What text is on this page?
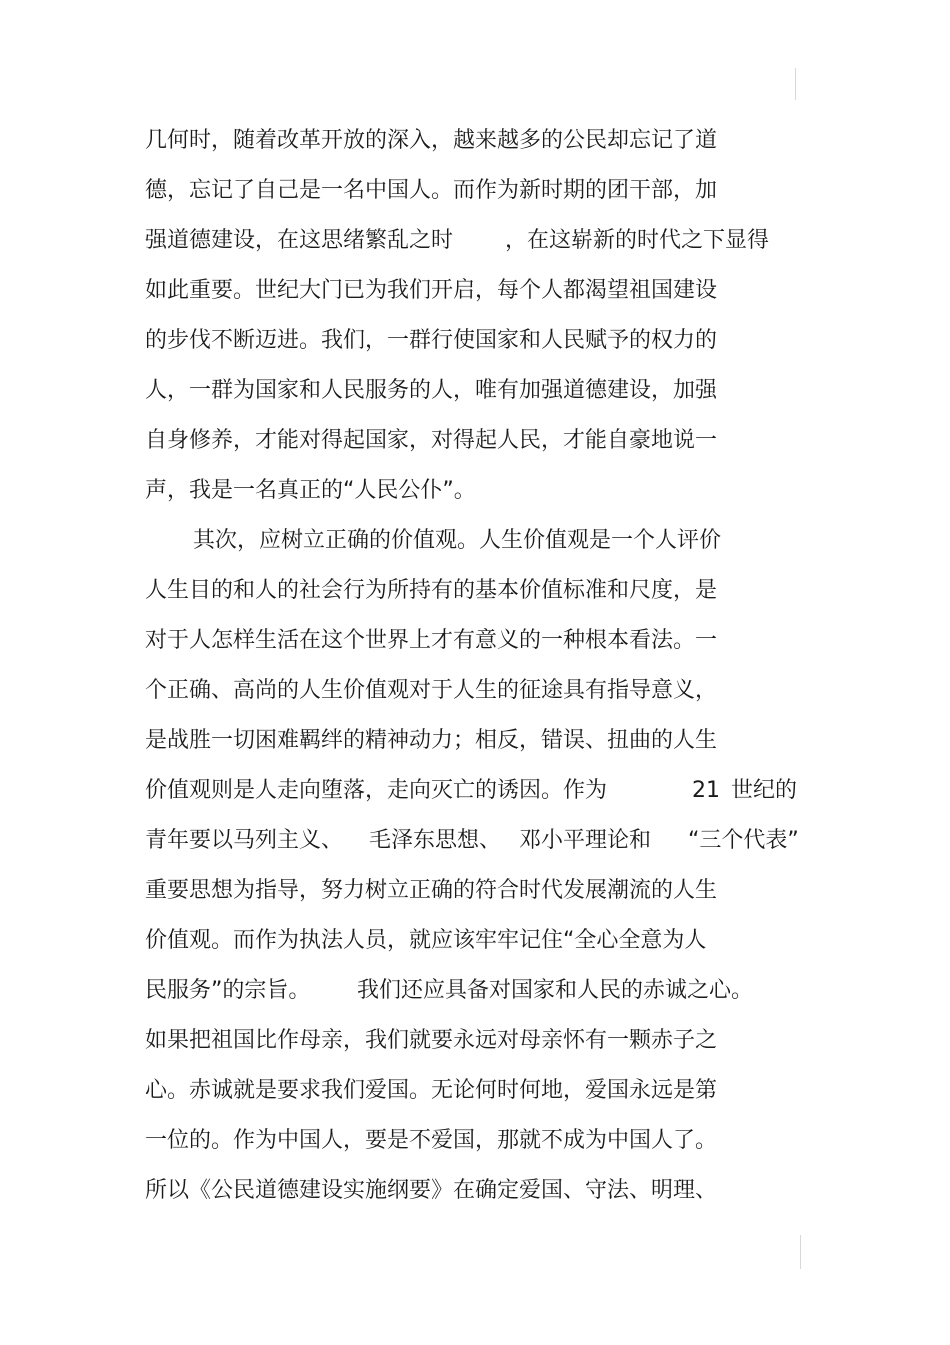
几何时，随着改革开放的深入，越来越多的公民却忘记了道
德，忘记了自己是一名中国人。而作为新时期的团干部，加
强道德建设，在这思绪繁乱之时 ，在这崭新的时代之下显得
如此重要。世纪大门已为我们开启，每个人都渴望祖国建设
的步伐不断迈进。我们，一群行使国家和人民赋予的权力的
人，一群为国家和人民服务的人，唯有加强道德建设，加强
自身修养，才能对得起国家，对得起人民，才能自豪地说一
声，我是一名真正的“人民公仆”。
其次，应树立正确的价值观。人生价值观是一个人评价
人生目的和人的社会行为所持有的基本价值标准和尺度，是
对于人怎样生活在这个世界上才有意义的一种根本看法。一
个正确、高尚的人生价值观对于人生的征途具有指导意义，
是战胜一切困难羁绊的精神动力；相反，错误、扭曲的人生
价值观则是人走向堕落，走向灭亡的诱因。作为	21 世纪的
青年要以马列主义、 毛泽东思想、 邓小平理论和 “三个代表”
重要思想为指导，努力树立正确的符合时代发展潮流的人生
价值观。而作为执法人员，就应该牢牢记住“全心全意为人
民服务”的宗旨。 我们还应具备对国家和人民的赤诚之心。
如果把祖国比作母亲，我们就要永远对母亲怀有一颗赤子之
心。赤诚就是要求我们爱国。无论何时何地，爱国永远是第
一位的。作为中国人，要是不爱国，那就不成为中国人了。
所以《公民道德建设实施纲要》在确定爱国、守法、明理、
